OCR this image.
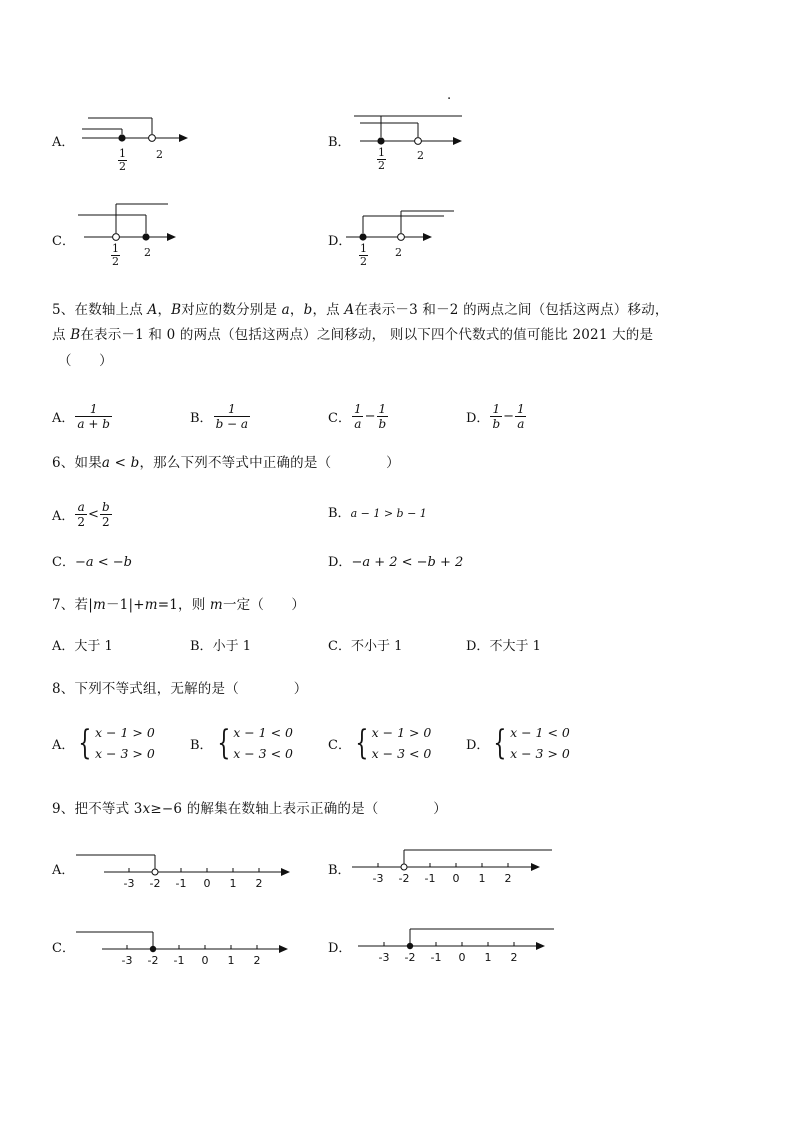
.
A．
1
2
2
B．
1
2
2
C．	1
2
2
D． 1
2
2
5、在数轴上点 A，B对应的数分别是 a，b，点 A在表示－3 和－2 的两点之间（包括这两点）移动，
点 B在表示－1 和 0 的两点（包括这两点）之间移动， 则以下四个代数式的值可能比 2021 大的是
（　　）
A． $\frac{1}{a + b}$	B． $\frac{1}{b - a}$	C． $\frac{1}{a} - \frac{1}{b}$	D． $\frac{1}{b} - \frac{1}{a}$
6、如果a < b，那么下列不等式中正确的是（　　　　）
A． $\frac{a}{2} < \frac{b}{2}$	B．a − 1 > b − 1
C．−a < −b	D．−a + 2 < −b + 2
7、若|m－1|+m=1，则 m一定（　　）
A．大于 1	B．小于 1	C．不小于 1	D．不大于 1
8、下列不等式组，无解的是（　　　　）
A． { x − 1 > 0
x − 3 > 0
B． { x − 1 < 0
x − 3 < 0
C． { x − 1 > 0
x − 3 < 0
D． { x − 1 < 0
x − 3 > 0
9、把不等式 3x≥−6 的解集在数轴上表示正确的是（　　　　）
A．
-3 -2 -1 0 1 2
B．
-3 -2 -1 0 1 2
C．
-3 -2 -1 0 1 2
D．
-3 -2 -1 0 1 2
